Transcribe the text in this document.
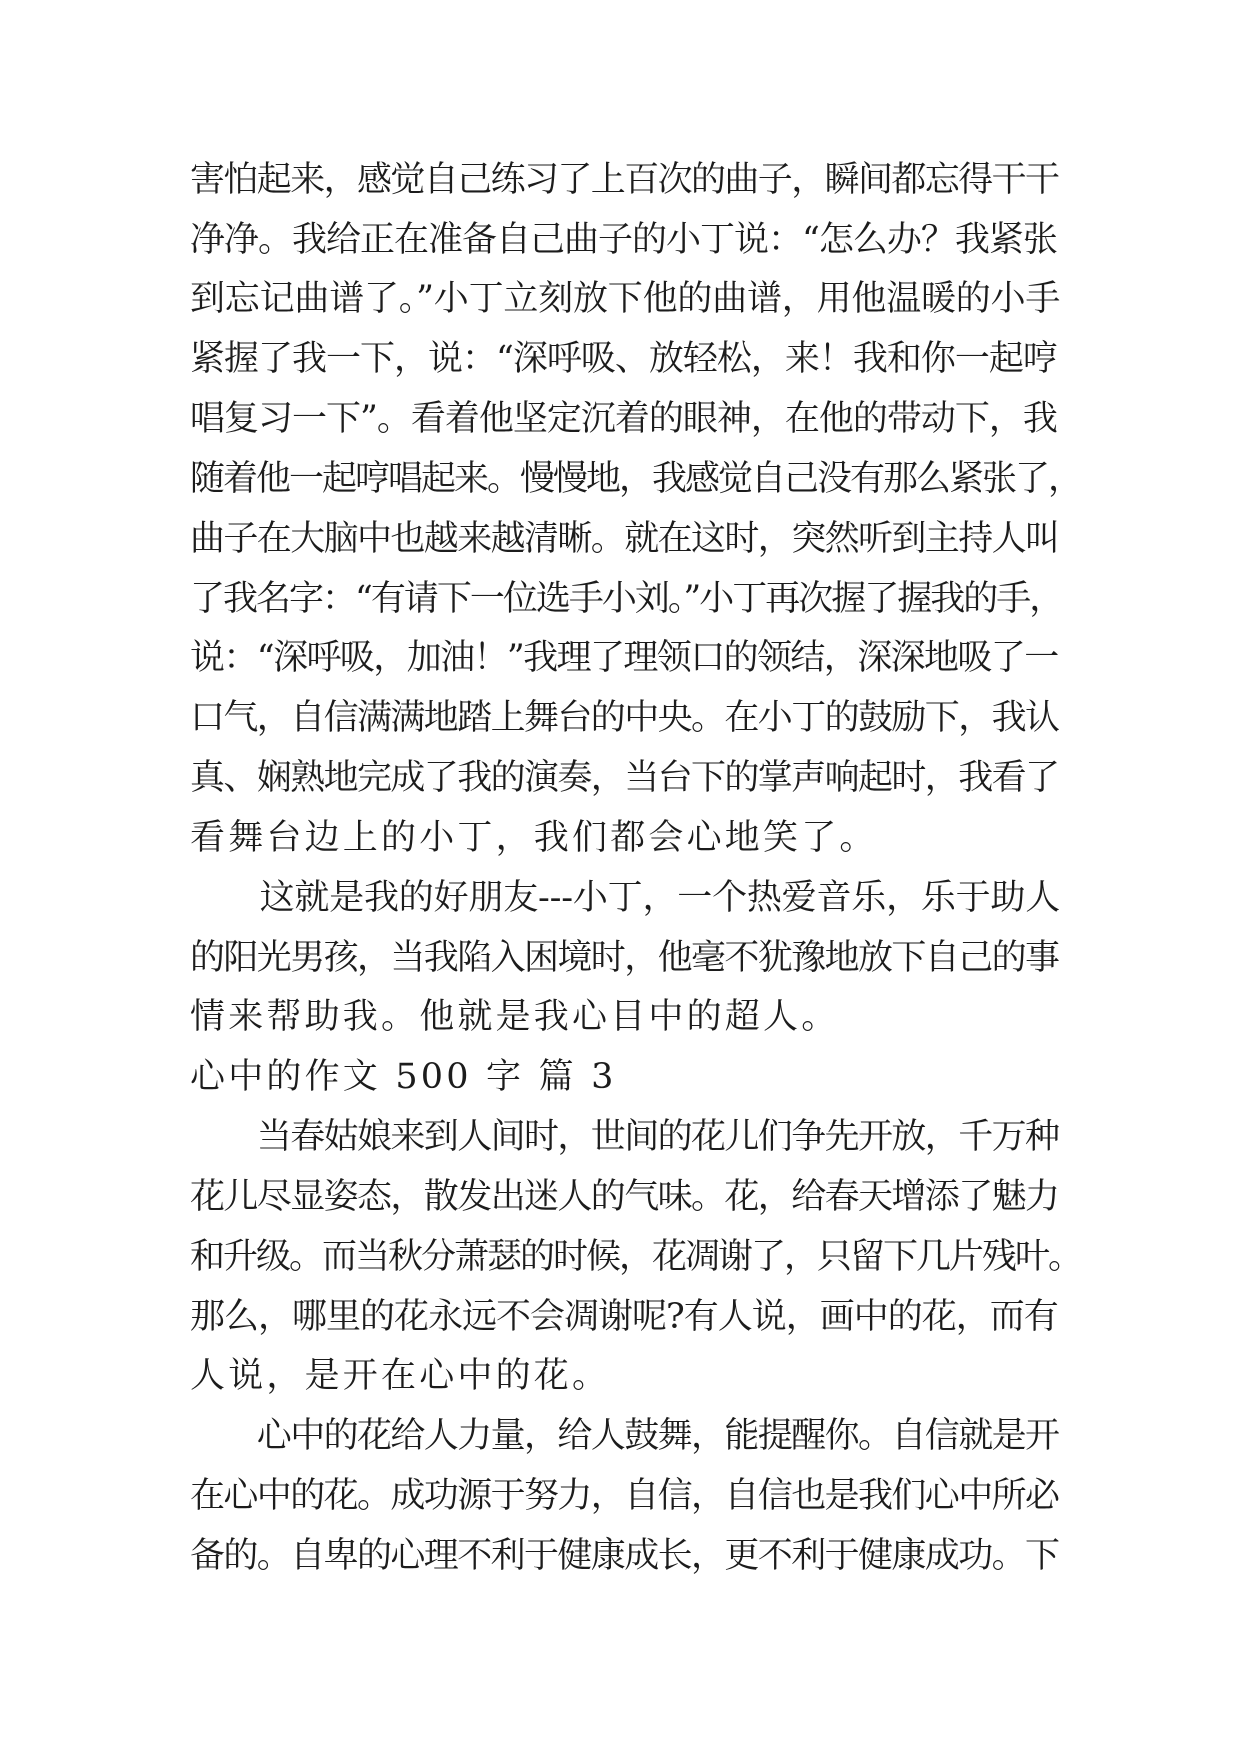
害怕起来，感觉自己练习了上百次的曲子，瞬间都忘得干干
净净。我给正在准备自己曲子的小丁说：“怎么办？我紧张
到忘记曲谱了。”小丁立刻放下他的曲谱，用他温暖的小手
紧握了我一下，说：“深呼吸、放轻松，来！我和你一起哼
唱复习一下”。看着他坚定沉着的眼神，在他的带动下，我
随着他一起哼唱起来。慢慢地，我感觉自己没有那么紧张了，
曲子在大脑中也越来越清晰。就在这时，突然听到主持人叫
了我名字：“有请下一位选手小刘。”小丁再次握了握我的手，
说：“深呼吸，加油！”我理了理领口的领结，深深地吸了一
口气，自信满满地踏上舞台的中央。在小丁的鼓励下，我认
真、娴熟地完成了我的演奏，当台下的掌声响起时，我看了
看舞台边上的小丁，我们都会心地笑了。
　　这就是我的好朋友---小丁，一个热爱音乐，乐于助人
的阳光男孩，当我陷入困境时，他毫不犹豫地放下自己的事
情来帮助我。他就是我心目中的超人。
心中的作文 500 字 篇 3
　　当春姑娘来到人间时，世间的花儿们争先开放，千万种
花儿尽显姿态，散发出迷人的气味。花，给春天增添了魅力
和升级。而当秋分萧瑟的时候，花凋谢了，只留下几片残叶。
那么，哪里的花永远不会凋谢呢?有人说，画中的花，而有
人说，是开在心中的花。
　　心中的花给人力量，给人鼓舞，能提醒你。自信就是开
在心中的花。成功源于努力，自信，自信也是我们心中所必
备的。自卑的心理不利于健康成长，更不利于健康成功。下
